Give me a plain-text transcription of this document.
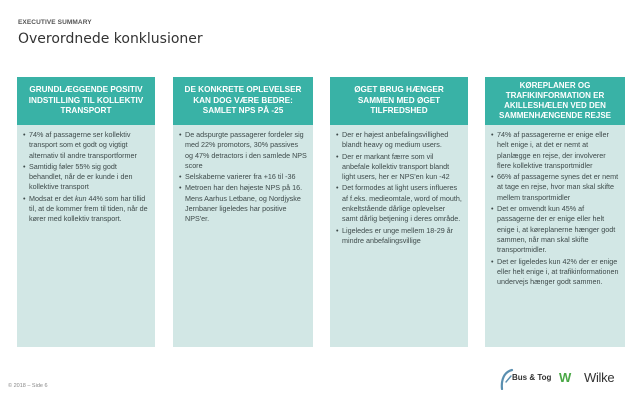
EXECUTIVE SUMMARY
Overordnede konklusioner
GRUNDLÆGGENDE POSITIV INDSTILLING TIL KOLLEKTIV TRANSPORT
• 74% af passagerne ser kollektiv transport som et godt og vigtigt alternativ til andre transportformer
• Samtidig føler 55% sig godt behandlet, når de er kunde i den kollektive transport
• Modsat er det kun 44% som har tillid til, at de kommer frem til tiden, når de kører med kollektiv transport.
DE KONKRETE OPLEVELSER KAN DOG VÆRE BEDRE: SAMLET NPS PÅ -25
• De adspurgte passagerer fordeler sig med 22% promotors, 30% passives og 47% detractors i den samlede NPS score
• Selskaberne varierer fra +16 til -36
• Metroen har den højeste NPS på 16. Mens Aarhus Letbane, og Nordjyske Jernbaner ligeledes har positive NPS'er.
ØGET BRUG HÆNGER SAMMEN MED ØGET TILFREDSHED
• Der er højest anbefalingsvillighed blandt heavy og medium users.
• Der er markant færre som vil anbefale kollektiv transport blandt light users, her er NPS'en kun -42
• Det formodes at light users influeres af f.eks. medieomtale, word of mouth, enkeltstående dårlige oplevelser samt dårlig betjening i deres område.
• Ligeledes er unge mellem 18-29 år mindre anbefalingsvillige
KØREPLANER OG TRAFIKINFORMATION ER AKILLESHÆLEN VED DEN SAMMENHÆNGENDE REJSE
• 74% af passagererne er enige eller helt enige i, at det er nemt at planlægge en rejse, der involverer flere kollektive transportmidler
• 66% af passagerne synes det er nemt at tage en rejse, hvor man skal skifte mellem transportmidler
• Det er omvendt kun 45% af passagerne der er enige eller helt enige i, at køreplanerne hænger godt sammen, når man skal skifte transportmidler.
• Det er ligeledes kun 42% der er enige eller helt enige i, at trafikinformationen undervejs hænger godt sammen.
© 2018 – Side 6
Bus & Tog W Wilke
